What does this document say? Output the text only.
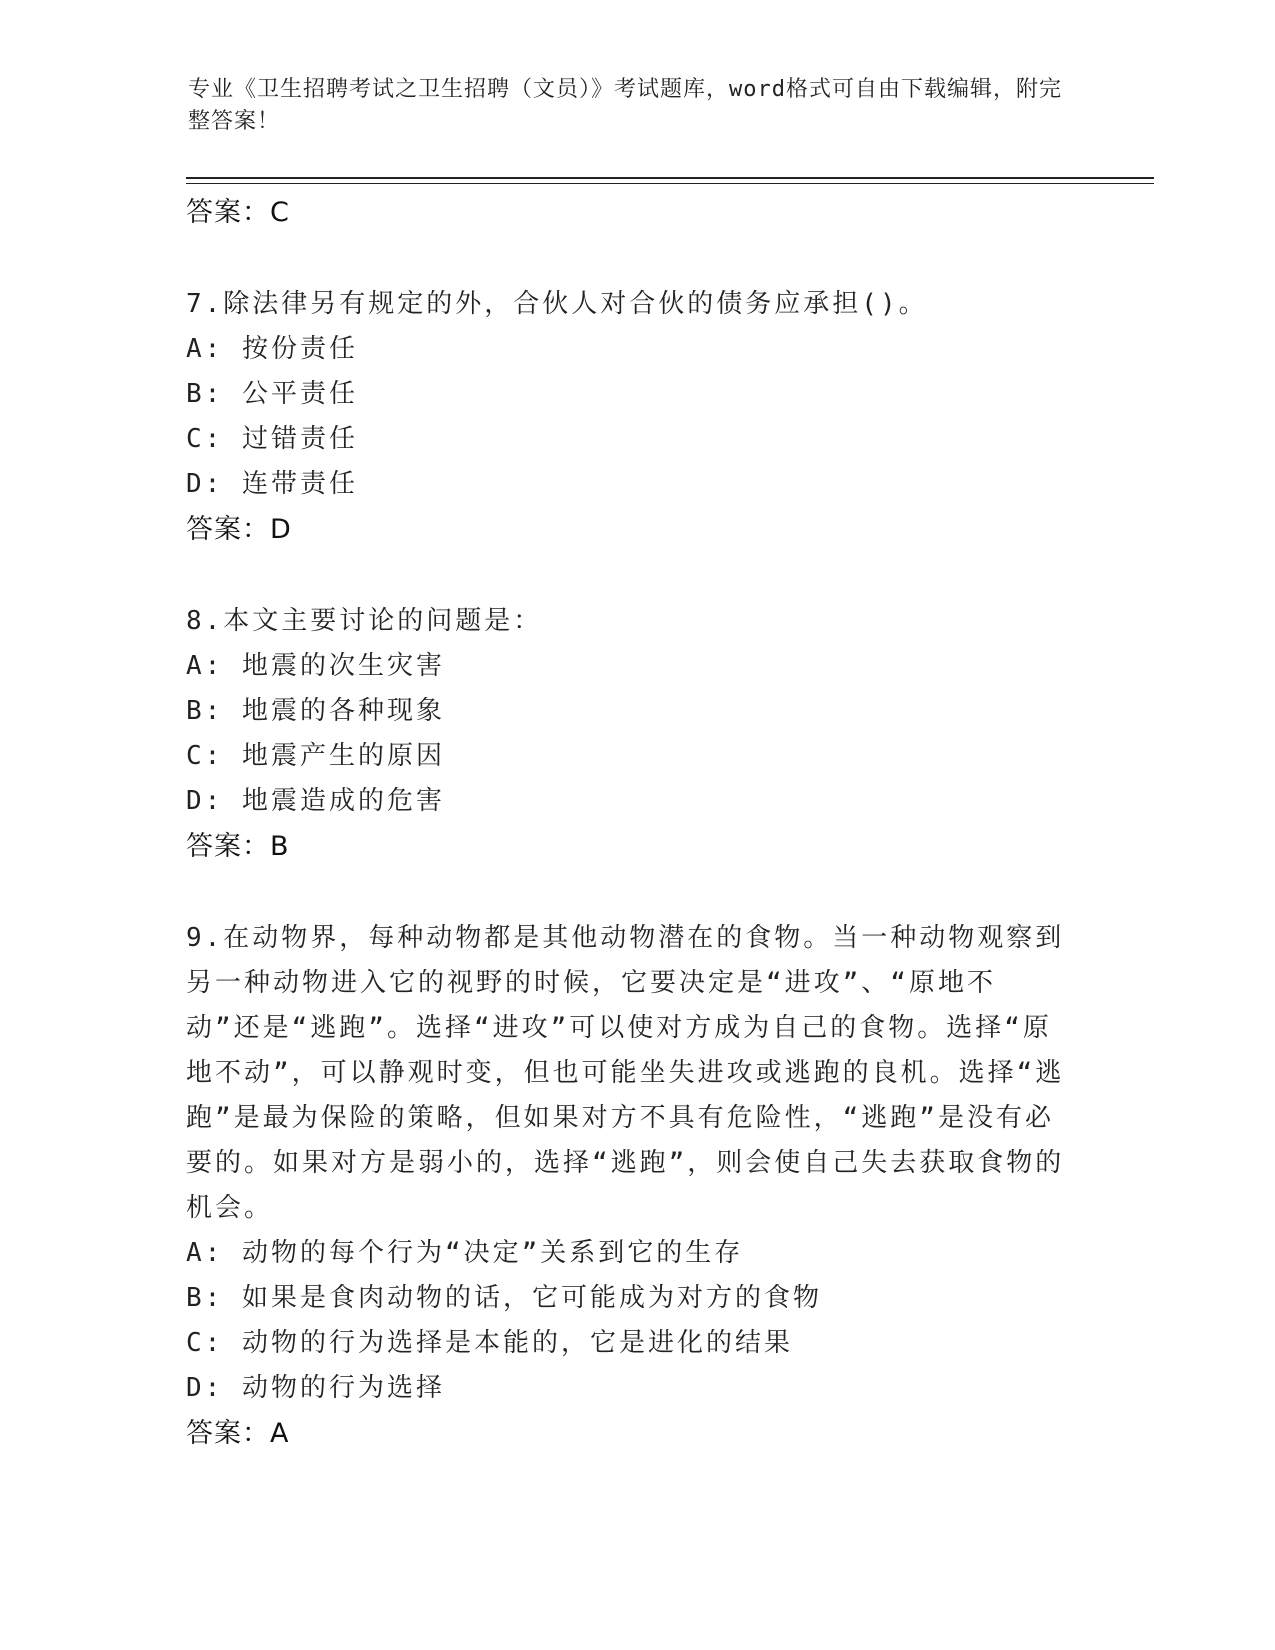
专业《卫生招聘考试之卫生招聘（文员）》考试题库，word格式可自由下载编辑，附完整答案！
答案：C
7.除法律另有规定的外，合伙人对合伙的债务应承担()。
A: 按份责任
B: 公平责任
C: 过错责任
D: 连带责任
答案：D
8.本文主要讨论的问题是：
A: 地震的次生灾害
B: 地震的各种现象
C: 地震产生的原因
D: 地震造成的危害
答案：B
9.在动物界，每种动物都是其他动物潜在的食物。当一种动物观察到另一种动物进入它的视野的时候，它要决定是“进攻”、“原地不动”还是“逃跑”。选择“进攻”可以使对方成为自己的食物。选择“原地不动”，可以静观时变，但也可能坐失进攻或逃跑的良机。选择“逃跑”是最为保险的策略，但如果对方不具有危险性，“逃跑”是没有必要的。如果对方是弱小的，选择“逃跑”，则会使自己失去获取食物的机会。
A: 动物的每个行为“决定”关系到它的生存
B: 如果是食肉动物的话，它可能成为对方的食物
C: 动物的行为选择是本能的，它是进化的结果
D: 动物的行为选择
答案：A
